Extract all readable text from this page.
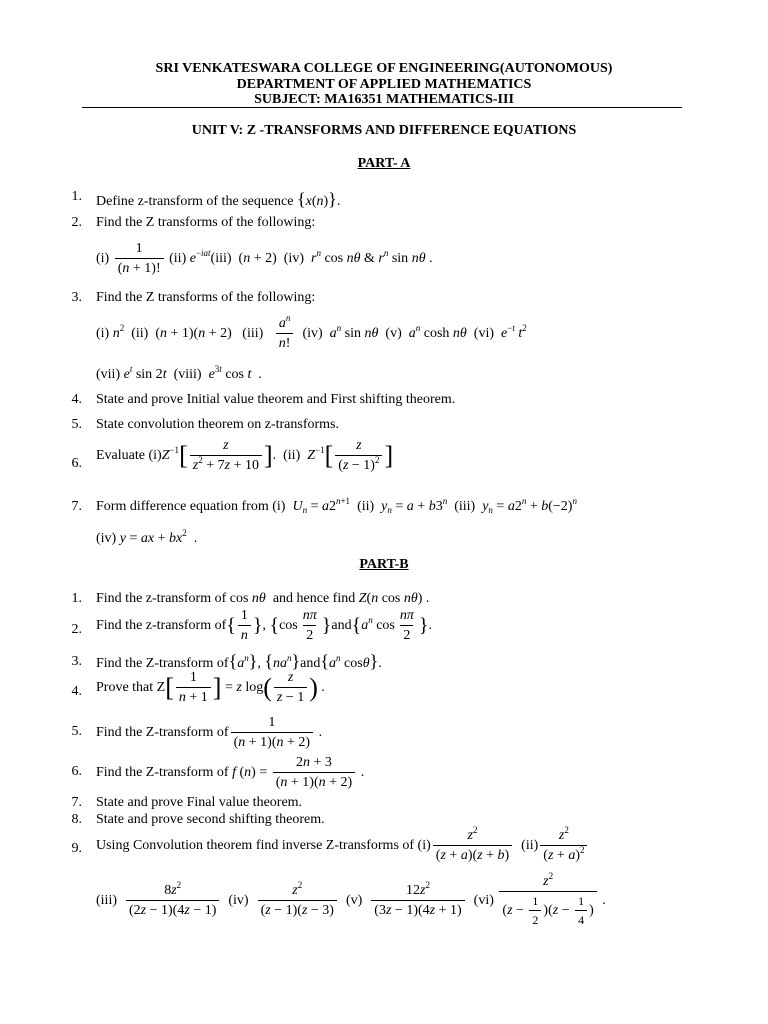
SRI VENKATESWARA COLLEGE OF ENGINEERING(AUTONOMOUS)
DEPARTMENT OF APPLIED MATHEMATICS
SUBJECT: MA16351 MATHEMATICS-III
UNIT V: Z -TRANSFORMS AND DIFFERENCE EQUATIONS
PART- A
1. Define z-transform of the sequence {x(n)}.
2. Find the Z transforms of the following:
$(i) \frac{1}{(n + 1)!} (ii)$ $e^{-iat}(iii) (n + 2)$  (iv)  $r^n$ cos nθ & $r^n$ sin nθ .
3. Find the Z transforms of the following:
(i) $n^2$  (ii)  (n + 1)(n + 2)   $(iii) \frac{a^n}{n!} (iv)$  $a^n$ sin nθ  (v)  $a^n$ cosh nθ  (vi)  $e^{-t}$ $t^2$
(vii) $e^t$ sin 2t  (viii)  $e^{3t}$ cos t  .
4. State and prove Initial value theorem and First shifting theorem.
5. State convolution theorem on z-transforms.
6.
Evaluate $(i)Z^{-1}[ \frac{z}{z^2 + 7z + 10}$ ].  (ii)  $Z^{-1}[ \frac{z}{(z - 1)^2}$ ]
7. Form difference equation from (i) $U_n = a2^{n+1}$  (ii)  $y_n = a + b3^n$  (iii)  $y_n = a2^n + b(-2)^n$
(iv) y = ax + $bx^2$  .
PART-B
1. Find the z-transform of cos nθ and hence find Z(n cos nθ) .
2. Find the z-transform $of\{ \frac{1}{n}$ }, $\{\cos \frac{n\pi}{2} \}and\{a^n$ $\cos \frac{n\pi}{2}$ }.
3. Find the Z-transform $of\{a^n\}$, $\{na^n\}and\{a^n$ cosθ}.
4. Prove that $Z[ \frac{1}{n + 1}$ ] = z $\log( \frac{z}{z - 1}$ ) .
5. Find the Z-transform of $\frac{1}{(n + 1)(n + 2)}$ .
6. Find the Z-transform of f $(n) = \frac{2n + 3}{(n + 1)(n + 2)}$ .
7. State and prove Final value theorem.
8. State and prove second shifting theorem.
9. Using Convolution theorem find inverse Z-transforms of $(i) \frac{z^2}{(z + a)(z + b)} (ii) \frac{z^2}{(z + a)^2}$
$(iii) \frac{8z^2}{(2z - 1)(4z - 1)} (iv) \frac{z^2}{(z - 1)(z - 3)} (v) \frac{12z^2}{(3z - 1)(4z + 1)} (vi) \frac{z^2}{(z - \frac{1}{2} )(z - \frac{1}{4} )}$ .
